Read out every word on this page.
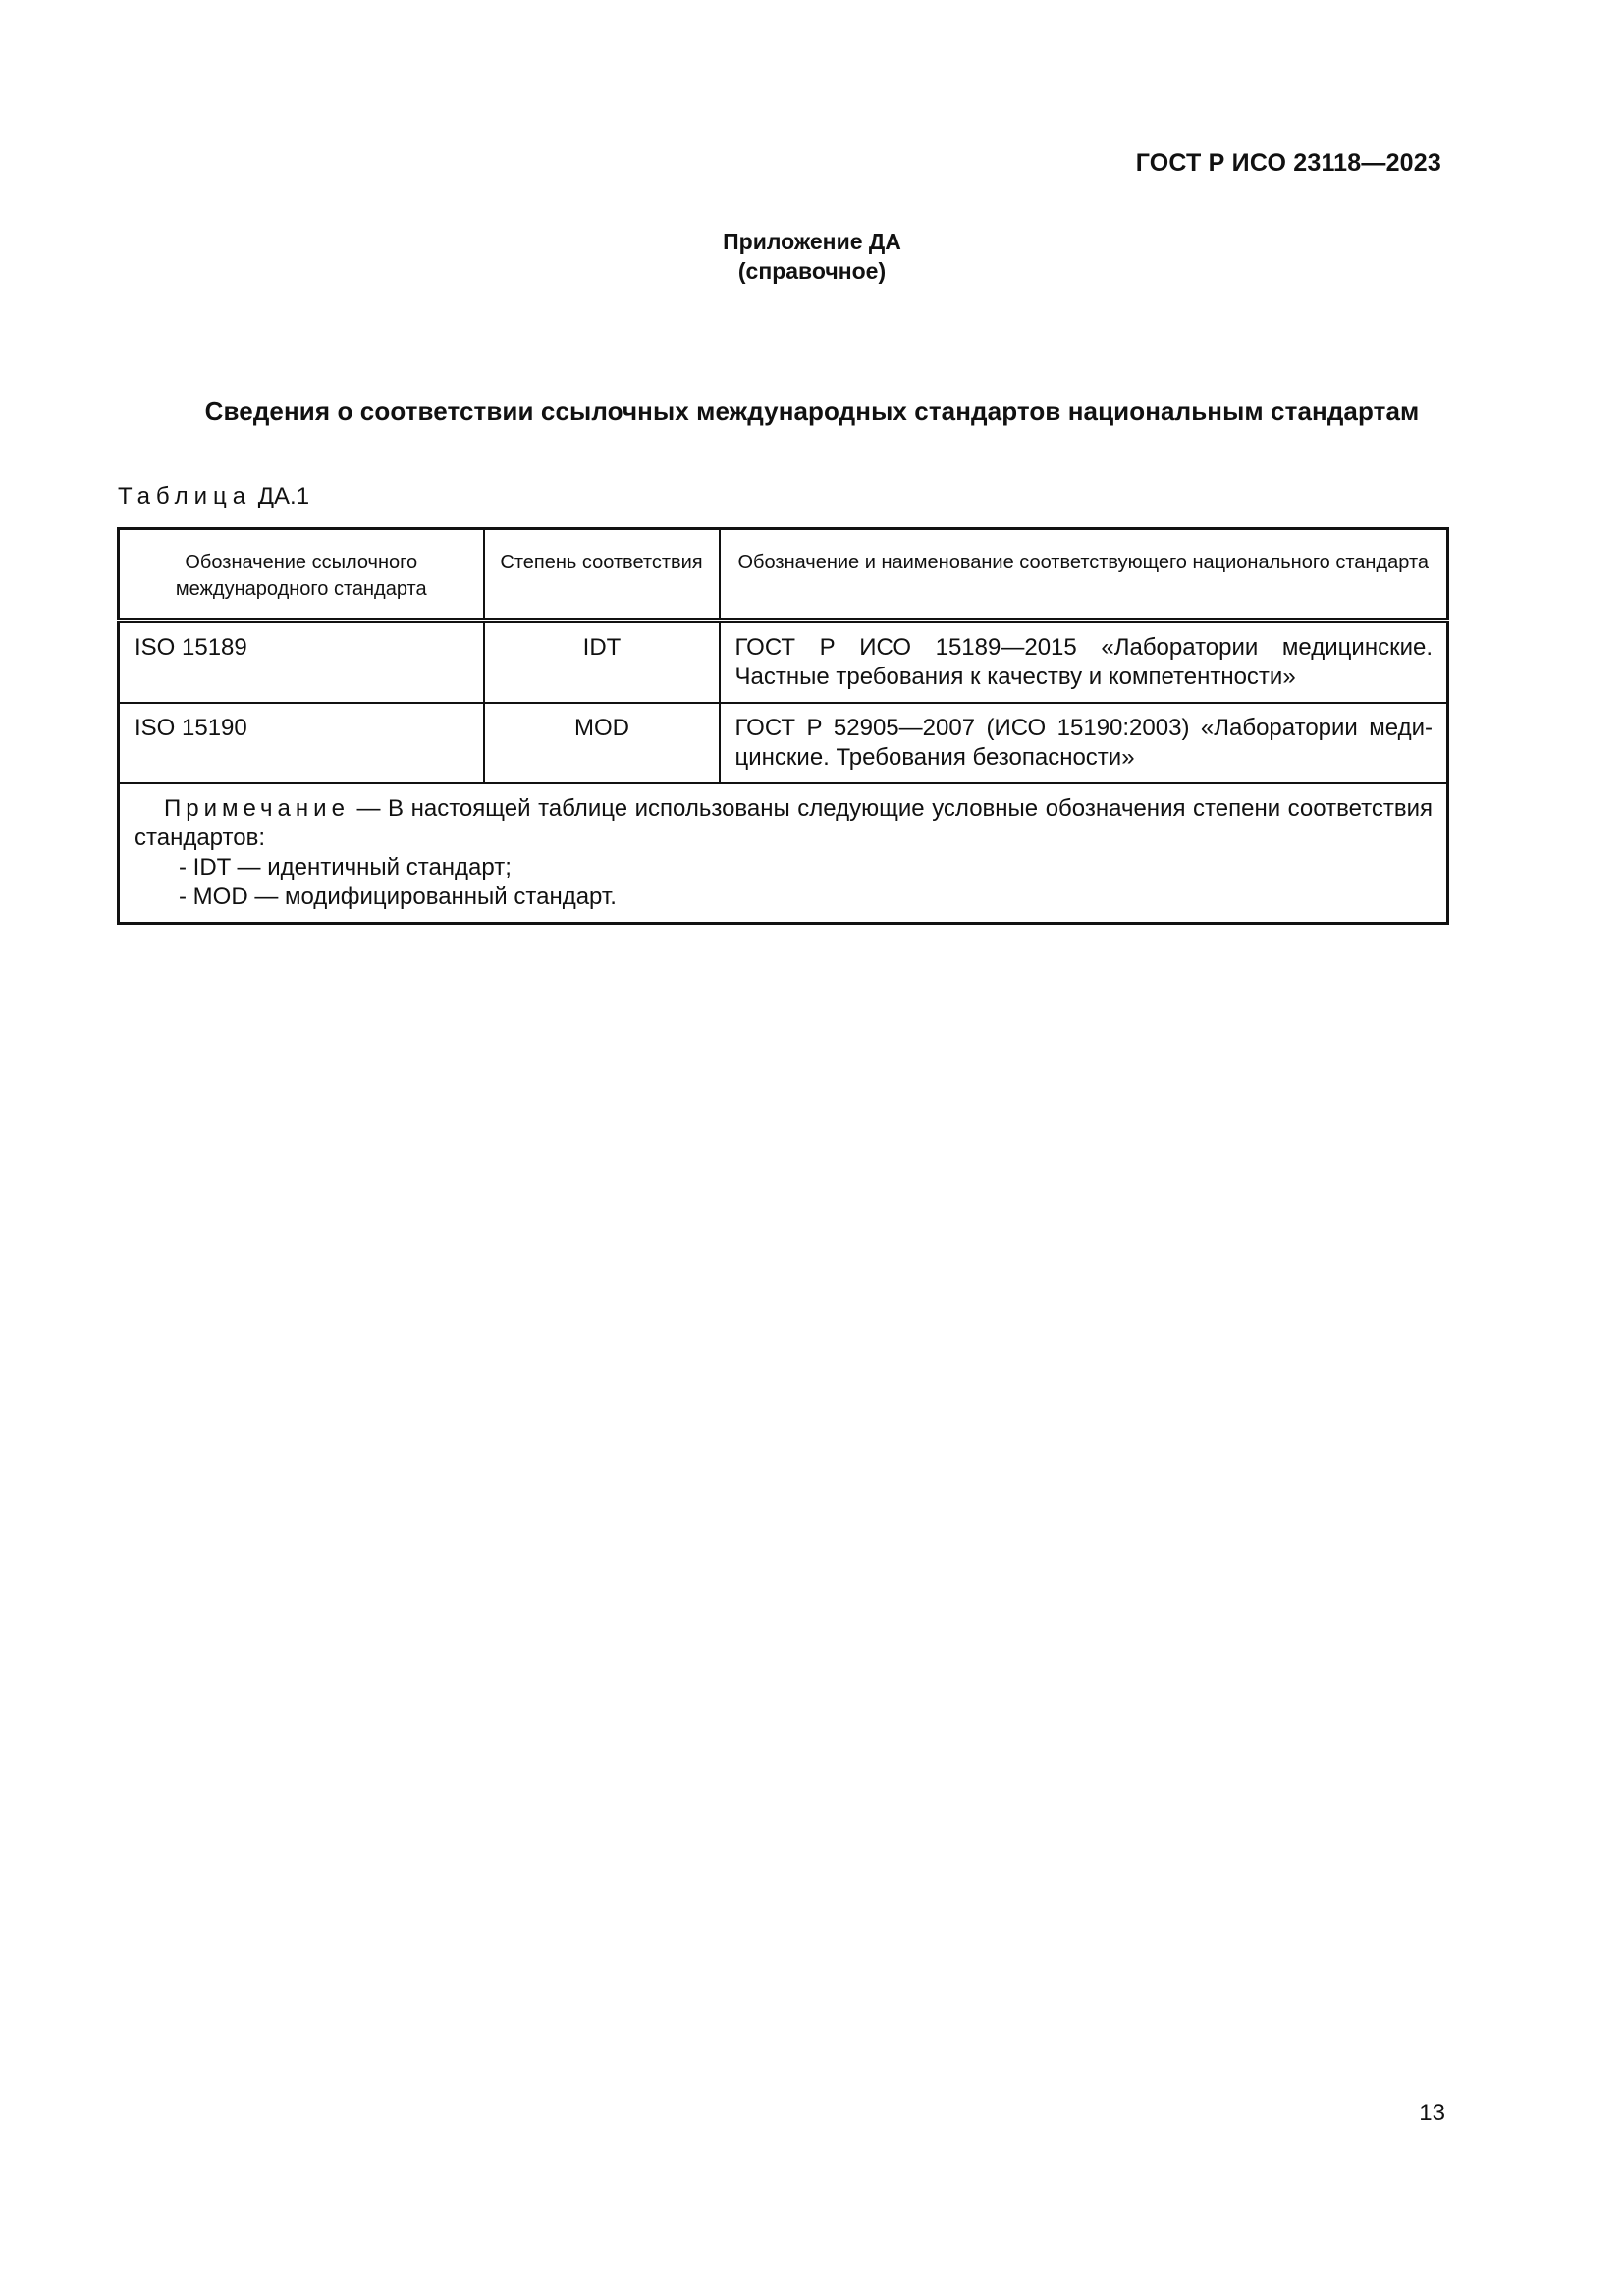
ГОСТ Р ИСО 23118—2023
Приложение ДА
(справочное)
Сведения о соответствии ссылочных международных стандартов национальным стандартам
Таблица ДА.1
Обозначение ссылочного международного стандарта	Степень соответствия	Обозначение и наименование соответствующего национального стандарта
ISO 15189	IDT	ГОСТ Р ИСО 15189—2015 «Лаборатории медицинские. Частные требования к качеству и компетентности»
ISO 15190	MOD	ГОСТ Р 52905—2007 (ИСО 15190:2003) «Лаборатории меди-цинские. Требования безопасности»

Примечание — В настоящей таблице использованы следующие условные обозначения степени соответствия стандартов:
- IDT — идентичный стандарт;
- MOD — модифицированный стандарт.		
13
